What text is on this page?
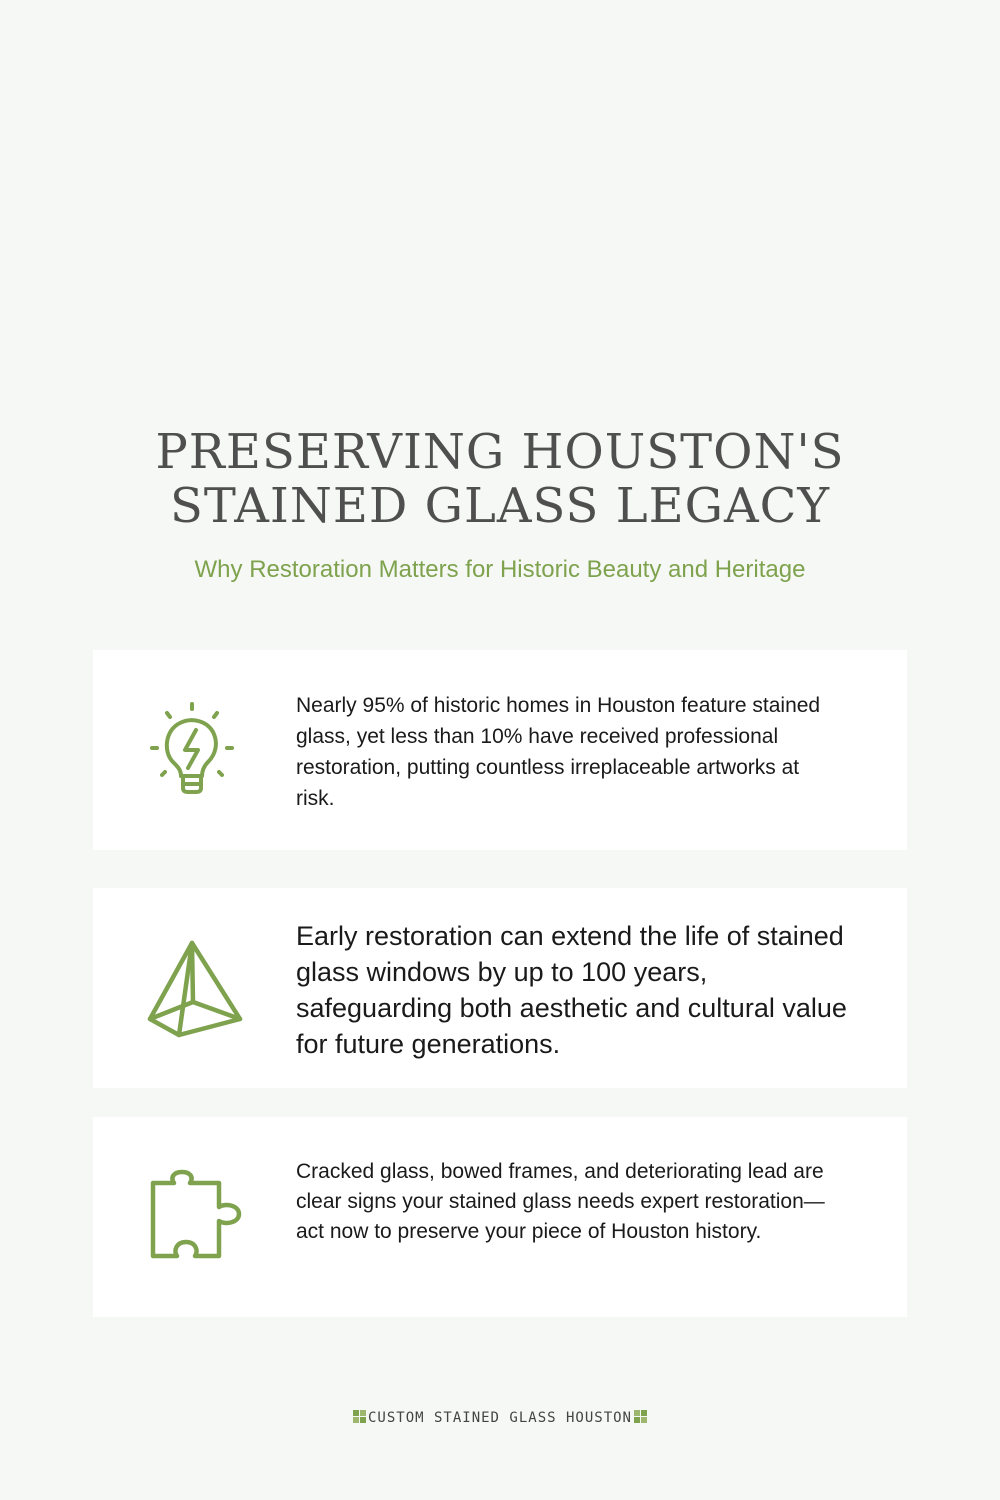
PRESERVING HOUSTON'S
STAINED GLASS LEGACY
Why Restoration Matters for Historic Beauty and Heritage
Nearly 95% of historic homes in Houston feature stained glass, yet less than 10% have received professional restoration, putting countless irreplaceable artworks at risk.
Early restoration can extend the life of stained glass windows by up to 100 years, safeguarding both aesthetic and cultural value for future generations.
Cracked glass, bowed frames, and deteriorating lead are clear signs your stained glass needs expert restoration—act now to preserve your piece of Houston history.
CUSTOM STAINED GLASS HOUSTON
